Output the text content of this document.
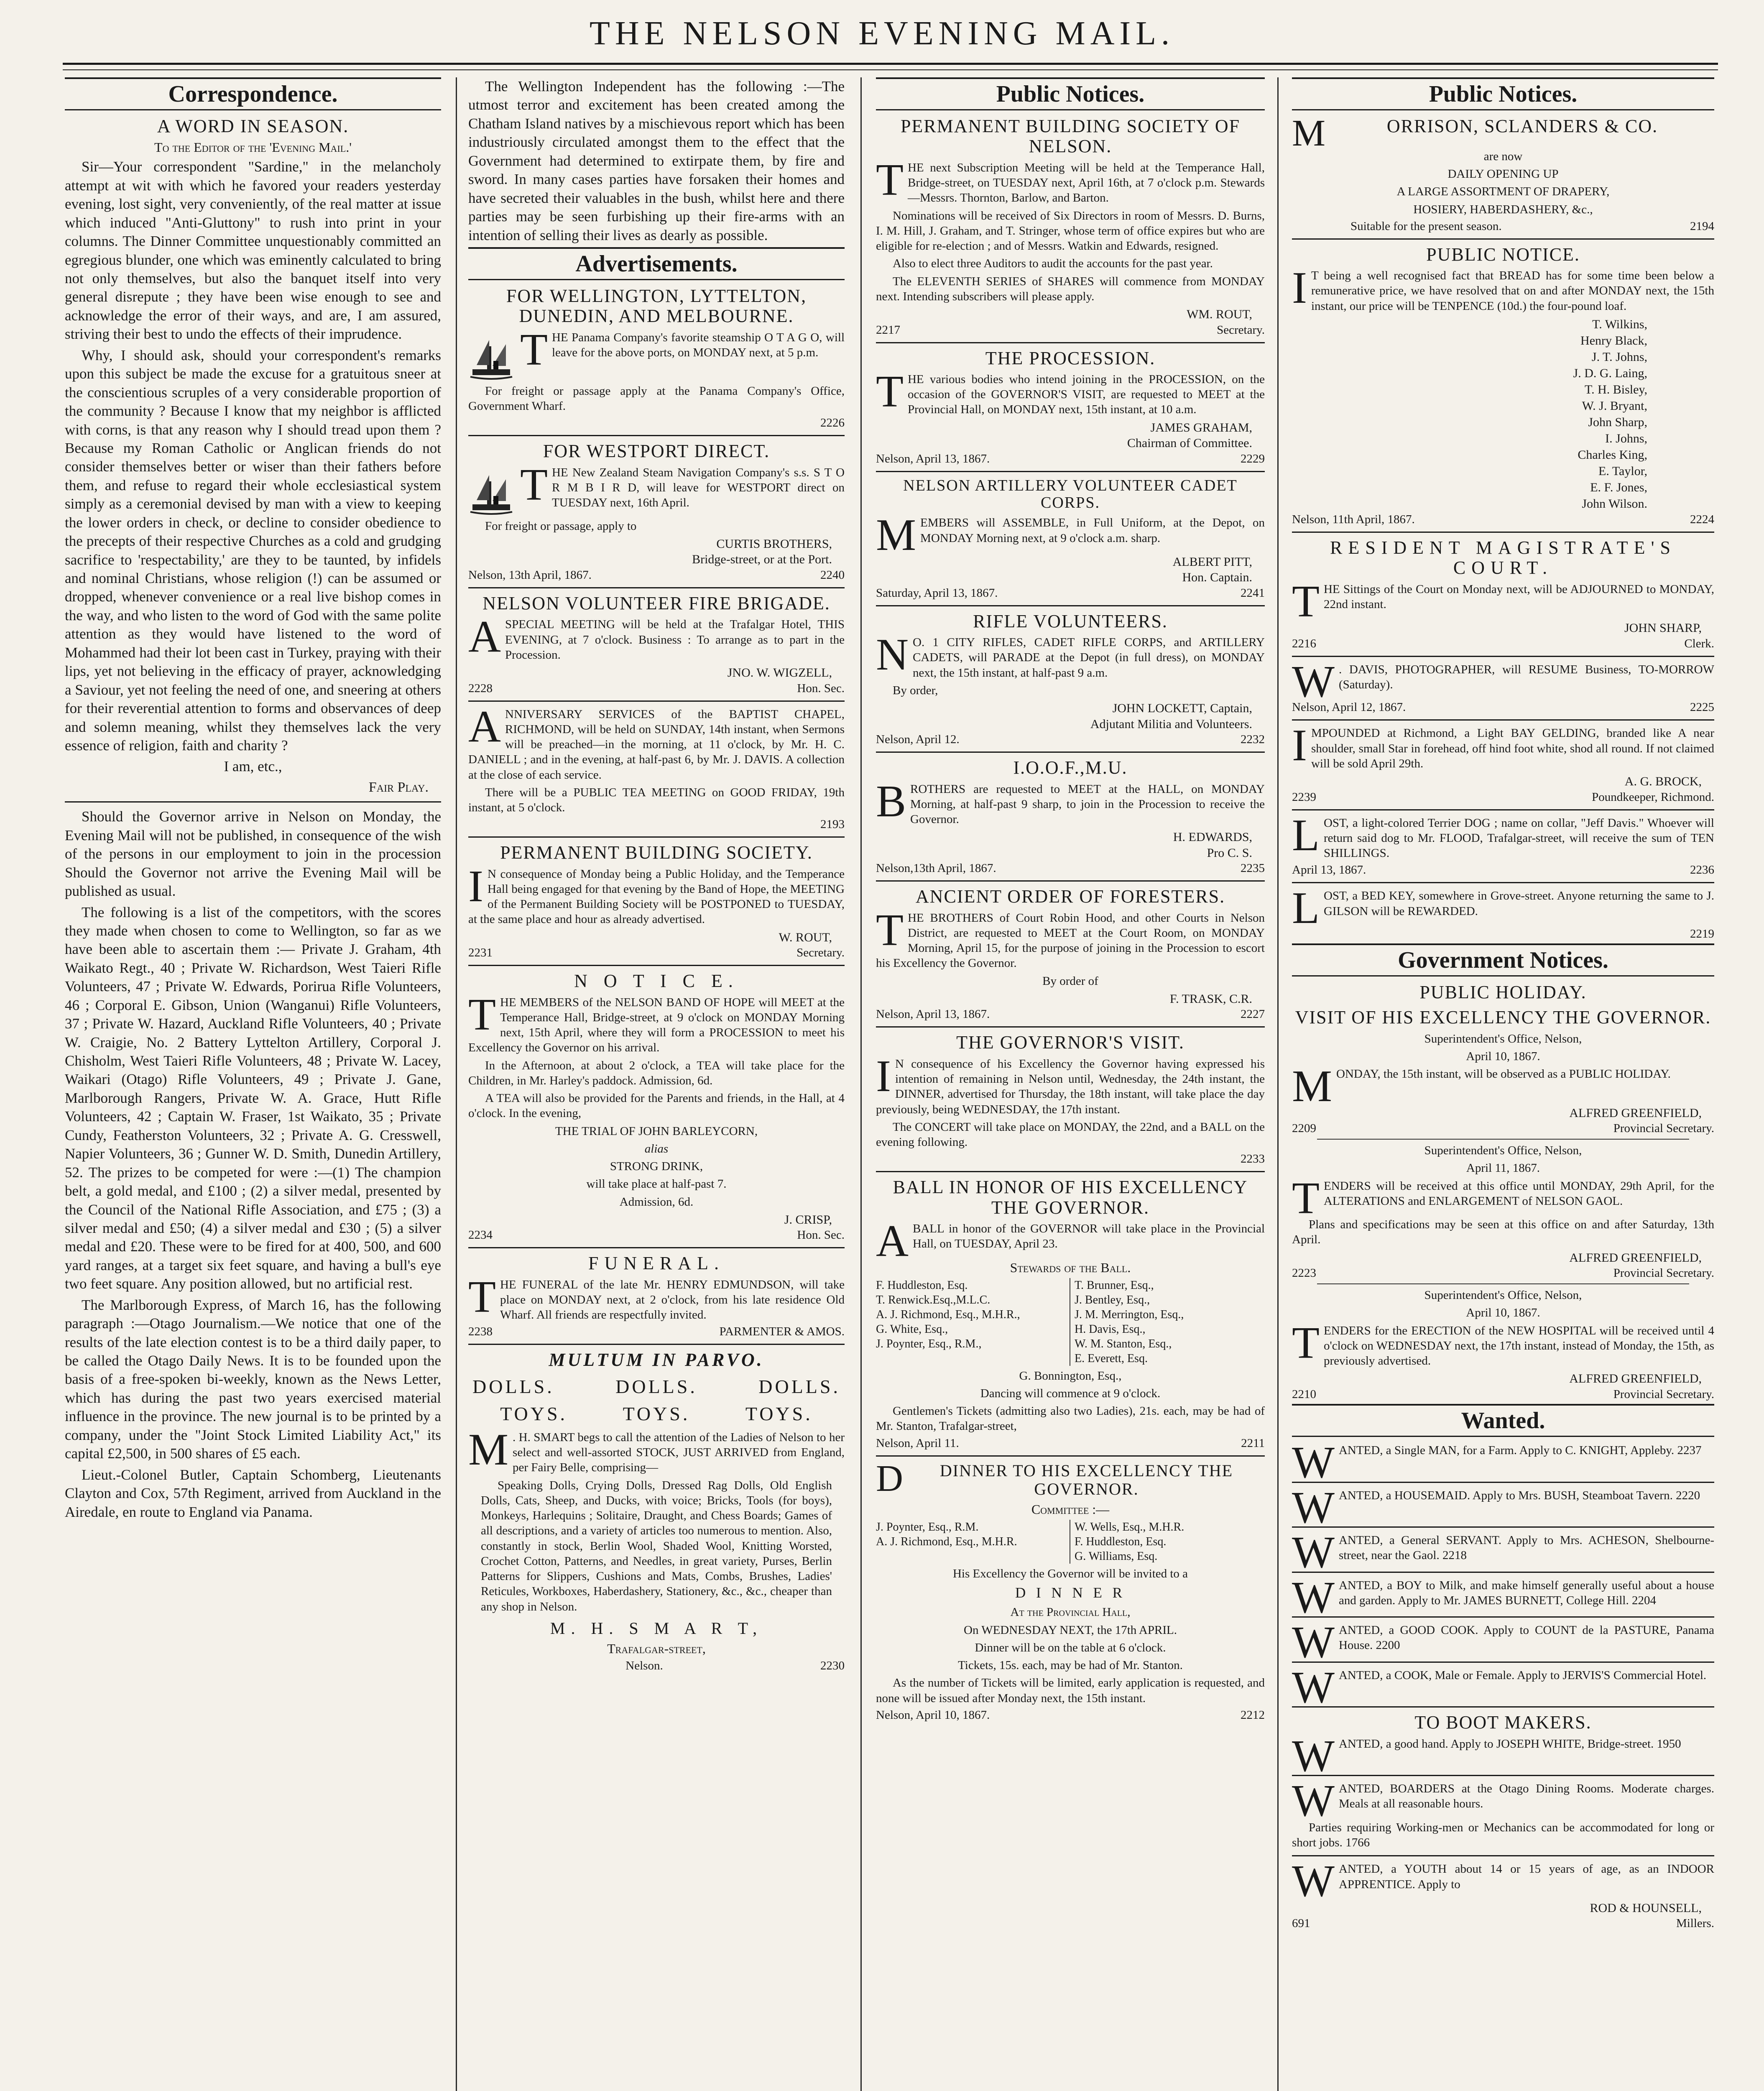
THE NELSON EVENING MAIL.
Correspondence.
A WORD IN SEASON.
To the Editor of the 'Evening Mail.'

Sir—Your correspondent "Sardine," in the melancholy attempt at wit with which he favored your readers yesterday evening, lost sight, very conveniently, of the real matter at issue which induced "Anti-Gluttony" to rush into print in your columns. The Dinner Committee unquestionably committed an egregious blunder, one which was eminently calculated to bring not only themselves, but also the banquet itself into very general disrepute ; they have been wise enough to see and acknowledge the error of their ways, and are, I am assured, striving their best to undo the effects of their imprudence.

Why, I should ask, should your correspondent's remarks upon this subject be made the excuse for a gratuitous sneer at the conscientious scruples of a very considerable proportion of the community ? Because I know that my neighbor is afflicted with corns, is that any reason why I should tread upon them ? Because my Roman Catholic or Anglican friends do not consider themselves better or wiser than their fathers before them, and refuse to regard their whole ecclesiastical system simply as a ceremonial devised by man with a view to keeping the lower orders in check, or decline to consider obedience to the precepts of their respective Churches as a cold and grudging sacrifice to 'respectability,' are they to be taunted, by infidels and nominal Christians, whose religion (!) can be assumed or dropped, whenever convenience or a real live bishop comes in the way, and who listen to the word of God with the same polite attention as they would have listened to the word of Mohammed had their lot been cast in Turkey, praying with their lips, yet not believing in the efficacy of prayer, acknowledging a Saviour, yet not feeling the need of one, and sneering at others for their reverential attention to forms and observances of deep and solemn meaning, whilst they themselves lack the very essence of religion, faith and charity ?

I am, etc.,

Fair Play.

Should the Governor arrive in Nelson on Monday, the Evening Mail will not be published, in consequence of the wish of the persons in our employment to join in the procession Should the Governor not arrive the Evening Mail will be published as usual.

The following is a list of the competitors, with the scores they made when chosen to come to Wellington, so far as we have been able to ascertain them :— Private J. Graham, 4th Waikato Regt., 40 ; Private W. Richardson, West Taieri Rifle Volunteers, 47 ; Private W. Edwards, Porirua Rifle Volunteers, 46 ; Corporal E. Gibson, Union (Wanganui) Rifle Volunteers, 37 ; Private W. Hazard, Auckland Rifle Volunteers, 40 ; Private W. Craigie, No. 2 Battery Lyttelton Artillery, Corporal J. Chisholm, West Taieri Rifle Volunteers, 48 ; Private W. Lacey, Waikari (Otago) Rifle Volunteers, 49 ; Private J. Gane, Marlborough Rangers, Private W. A. Grace, Hutt Rifle Volunteers, 42 ; Captain W. Fraser, 1st Waikato, 35 ; Private Cundy, Featherston Volunteers, 32 ; Private A. G. Cresswell, Napier Volunteers, 36 ; Gunner W. D. Smith, Dunedin Artillery, 52. The prizes to be competed for were :—(1) The champion belt, a gold medal, and £100 ; (2) a silver medal, presented by the Council of the National Rifle Association, and £75 ; (3) a silver medal and £50; (4) a silver medal and £30 ; (5) a silver medal and £20. These were to be fired for at 400, 500, and 600 yard ranges, at a target six feet square, and having a bull's eye two feet square. Any position allowed, but no artificial rest.

The Marlborough Express, of March 16, has the following paragraph :—Otago Journalism.—We notice that one of the results of the late election contest is to be a third daily paper, to be called the Otago Daily News. It is to be founded upon the basis of a free-spoken bi-weekly, known as the News Letter, which has during the past two years exercised material influence in the province. The new journal is to be printed by a company, under the "Joint Stock Limited Liability Act," its capital £2,500, in 500 shares of £5 each.

Lieut.-Colonel Butler, Captain Schomberg, Lieutenants Clayton and Cox, 57th Regiment, arrived from Auckland in the Airedale, en route to England via Panama.

The Wellington Independent has the following :—The utmost terror and excitement has been created among the Chatham Island natives by a mischievous report which has been industriously circulated amongst them to the effect that the Government had determined to extirpate them, by fire and sword. In many cases parties have forsaken their homes and have secreted their valuables in the bush, whilst here and there parties may be seen furbishing up their fire-arms with an intention of selling their lives as dearly as possible.

Advertisements.
FOR WELLINGTON, LYTTELTON, DUNEDIN, AND MELBOURNE.

THE Panama Company's favorite steamship O T A G O, will leave for the above ports, on MONDAY next, at 5 p.m.

For freight or passage apply at the Panama Company's Office, Government Wharf.

2226
FOR WESTPORT DIRECT.

THE New Zealand Steam Navigation Company's s.s. S T O R M B I R D, will leave for WESTPORT direct on TUESDAY next, 16th April.

For freight or passage, apply to

CURTIS BROTHERS,
Bridge-street, or at the Port.
Nelson, 13th April, 1867.	2240
NELSON VOLUNTEER FIRE BRIGADE.

ASPECIAL MEETING will be held at the Trafalgar Hotel, THIS EVENING, at 7 o'clock. Business : To arrange as to part in the Procession.

JNO. W. WIGZELL,
2228	Hon. Sec.

ANNIVERSARY SERVICES of the BAPTIST CHAPEL, RICHMOND, will be held on SUNDAY, 14th instant, when Sermons will be preached—in the morning, at 11 o'clock, by Mr. H. C. DANIELL ; and in the evening, at half-past 6, by Mr. J. DAVIS. A collection at the close of each service.

There will be a PUBLIC TEA MEETING on GOOD FRIDAY, 19th instant, at 5 o'clock.

2193
PERMANENT BUILDING SOCIETY.

I N consequence of Monday being a Public Holiday, and the Temperance Hall being engaged for that evening by the Band of Hope, the MEETING of the Permanent Building Society will be POSTPONED to TUESDAY, at the same place and hour as already advertised.

W. ROUT,
2231	Secretary.
N O T I C E.

THE MEMBERS of the NELSON BAND OF HOPE will MEET at the Temperance Hall, Bridge-street, at 9 o'clock on MONDAY Morning next, 15th April, where they will form a PROCESSION to meet his Excellency the Governor on his arrival.

In the Afternoon, at about 2 o'clock, a TEA will take place for the Children, in Mr. Harley's paddock. Admission, 6d.

A TEA will also be provided for the Parents and friends, in the Hall, at 4 o'clock. In the evening,

THE TRIAL OF JOHN BARLEYCORN,

alias

STRONG DRINK,

will take place at half-past 7.

Admission, 6d.

J. CRISP,
2234	Hon. Sec.
FUNERAL.

THE FUNERAL of the late Mr. HENRY EDMUNDSON, will take place on MONDAY next, at 2 o'clock, from his late residence Old Wharf. All friends are respectfully invited.

2238	PARMENTER & AMOS.
MULTUM IN PARVO.
DOLLS.	DOLLS.	DOLLS.
TOYS.	TOYS.	TOYS.

M . H. SMART begs to call the attention of the Ladies of Nelson to her select and well-assorted STOCK, JUST ARRIVED from England, per Fairy Belle, comprising—

Speaking Dolls, Crying Dolls, Dressed Rag Dolls, Old English Dolls, Cats, Sheep, and Ducks, with voice; Bricks, Tools (for boys), Monkeys, Harlequins ; Solitaire, Draught, and Chess Boards; Games of all descriptions, and a variety of articles too numerous to mention. Also, constantly in stock, Berlin Wool, Shaded Wool, Knitting Worsted, Crochet Cotton, Patterns, and Needles, in great variety, Purses, Berlin Patterns for Slippers, Cushions and Mats, Combs, Brushes, Ladies' Reticules, Workboxes, Haberdashery, Stationery, &c., &c., cheaper than any shop in Nelson.

M. H. S M A R T,
Trafalgar-street,
Nelson.	2230
Public Notices.
PERMANENT BUILDING SOCIETY OF NELSON.

THE next Subscription Meeting will be held at the Temperance Hall, Bridge-street, on TUESDAY next, April 16th, at 7 o'clock p.m. Stewards—Messrs. Thornton, Barlow, and Barton.

Nominations will be received of Six Directors in room of Messrs. D. Burns, I. M. Hill, J. Graham, and T. Stringer, whose term of office expires but who are eligible for re-election ; and of Messrs. Watkin and Edwards, resigned.

Also to elect three Auditors to audit the accounts for the past year.

The ELEVENTH SERIES of SHARES will commence from MONDAY next. Intending subscribers will please apply.

WM. ROUT,
2217	Secretary.
THE PROCESSION.

THE various bodies who intend joining in the PROCESSION, on the occasion of the GOVERNOR'S VISIT, are requested to MEET at the Provincial Hall, on MONDAY next, 15th instant, at 10 a.m.

JAMES GRAHAM,
Chairman of Committee.
Nelson, April 13, 1867.	2229
NELSON ARTILLERY VOLUNTEER CADET CORPS.

MEMBERS will ASSEMBLE, in Full Uniform, at the Depot, on MONDAY Morning next, at 9 o'clock a.m. sharp.

ALBERT PITT,
Hon. Captain.
Saturday, April 13, 1867.	2241
RIFLE VOLUNTEERS.

N O. 1 CITY RIFLES, CADET RIFLE CORPS, and ARTILLERY CADETS, will PARADE at the Depot (in full dress), on MONDAY next, the 15th instant, at half-past 9 a.m.

By order,

JOHN LOCKETT, Captain,
Adjutant Militia and Volunteers.
Nelson, April 12.	2232
I.O.O.F.,M.U.

BROTHERS are requested to MEET at the HALL, on MONDAY Morning, at half-past 9 sharp, to join in the Procession to receive the Governor.

H. EDWARDS,
Pro C. S.
Nelson,13th April, 1867.	2235
ANCIENT ORDER OF FORESTERS.

THE BROTHERS of Court Robin Hood, and other Courts in Nelson District, are requested to MEET at the Court Room, on MONDAY Morning, April 15, for the purpose of joining in the Procession to escort his Excellency the Governor.

By order of

F. TRASK, C.R.
Nelson, April 13, 1867.	2227
THE GOVERNOR'S VISIT.

I N consequence of his Excellency the Governor having expressed his intention of remaining in Nelson until, Wednesday, the 24th instant, the DINNER, advertised for Thursday, the 18th instant, will take place the day previously, being WEDNESDAY, the 17th instant.

The CONCERT will take place on MONDAY, the 22nd, and a BALL on the evening following.

2233
BALL IN HONOR OF HIS EXCELLENCY THE GOVERNOR.

ABALL in honor of the GOVERNOR will take place in the Provincial Hall, on TUESDAY, April 23.

Stewards of the Ball.
F. Huddleston, Esq.
T. Renwick.Esq.,M.L.C.
A. J. Richmond, Esq., M.H.R.,
G. White, Esq.,
J. Poynter, Esq., R.M.,
T. Brunner, Esq.,
J. Bentley, Esq.,
J. M. Merrington, Esq.,
H. Davis, Esq.,
W. M. Stanton, Esq.,
E. Everett, Esq.

G. Bonnington, Esq.,

Dancing will commence at 9 o'clock.

Gentlemen's Tickets (admitting also two Ladies), 21s. each, may be had of Mr. Stanton, Trafalgar-street,

Nelson, April 11.	2211
D DINNER TO HIS EXCELLENCY THE GOVERNOR.
Committee :—
J. Poynter, Esq., R.M.
A. J. Richmond, Esq., M.H.R.
W. Wells, Esq., M.H.R.
F. Huddleston, Esq.
G. Williams, Esq.

His Excellency the Governor will be invited to a

D I N N E R

At the Provincial Hall,

On WEDNESDAY NEXT, the 17th APRIL.

Dinner will be on the table at 6 o'clock.

Tickets, 15s. each, may be had of Mr. Stanton.

As the number of Tickets will be limited, early application is requested, and none will be issued after Monday next, the 15th instant.

Nelson, April 10, 1867.	2212
Public Notices.
M	ORRISON, SCLANDERS & CO.

are now

DAILY OPENING UP

A LARGE ASSORTMENT OF DRAPERY,

HOSIERY, HABERDASHERY, &c.,

Suitable for the present season.	2194
PUBLIC NOTICE.

I T being a well recognised fact that BREAD has for some time been below a remunerative price, we have resolved that on and after MONDAY next, the 15th instant, our price will be TENPENCE (10d.) the four-pound loaf.

T. Wilkins,
Henry Black,
J. T. Johns,
J. D. G. Laing,
T. H. Bisley,
W. J. Bryant,
John Sharp,
I. Johns,
Charles King,
E. Taylor,
E. F. Jones,
John Wilson.
Nelson, 11th April, 1867.	2224
RESIDENT MAGISTRATE'S COURT.

THE Sittings of the Court on Monday next, will be ADJOURNED to MONDAY, 22nd instant.

JOHN SHARP,
2216	Clerk.

W . DAVIS, PHOTOGRAPHER, will RESUME Business, TO-MORROW (Saturday).

Nelson, April 12, 1867.	2225

IMPOUNDED at Richmond, a Light BAY GELDING, branded like A near shoulder, small Star in forehead, off hind foot white, shod all round. If not claimed will be sold April 29th.

A. G. BROCK,
2239	Poundkeeper, Richmond.

LOST, a light-colored Terrier DOG ; name on collar, "Jeff Davis." Whoever will return said dog to Mr. FLOOD, Trafalgar-street, will receive the sum of TEN SHILLINGS.

April 13, 1867.	2236

LOST, a BED KEY, somewhere in Grove-street. Anyone returning the same to J. GILSON will be REWARDED.

2219
Government Notices.
PUBLIC HOLIDAY.
VISIT OF HIS EXCELLENCY THE GOVERNOR.

Superintendent's Office, Nelson,

April 10, 1867.

MONDAY, the 15th instant, will be observed as a PUBLIC HOLIDAY.

ALFRED GREENFIELD,
2209	Provincial Secretary.

Superintendent's Office, Nelson,

April 11, 1867.

TENDERS will be received at this office until MONDAY, 29th April, for the ALTERATIONS and ENLARGEMENT of NELSON GAOL.

Plans and specifications may be seen at this office on and after Saturday, 13th April.

ALFRED GREENFIELD,
2223	Provincial Secretary.

Superintendent's Office, Nelson,

April 10, 1867.

TENDERS for the ERECTION of the NEW HOSPITAL will be received until 4 o'clock on WEDNESDAY next, the 17th instant, instead of Monday, the 15th, as previously advertised.

ALFRED GREENFIELD,
2210	Provincial Secretary.
Wanted.

WANTED, a Single MAN, for a Farm. Apply to C. KNIGHT, Appleby. 2237

WANTED, a HOUSEMAID. Apply to Mrs. BUSH, Steamboat Tavern. 2220

WANTED, a General SERVANT. Apply to Mrs. ACHESON, Shelbourne-street, near the Gaol. 2218

WANTED, a BOY to Milk, and make himself generally useful about a house and garden. Apply to Mr. JAMES BURNETT, College Hill. 2204

WANTED, a GOOD COOK. Apply to COUNT de la PASTURE, Panama House. 2200

WANTED, a COOK, Male or Female. Apply to JERVIS'S Commercial Hotel.

TO BOOT MAKERS.

WANTED, a good hand. Apply to JOSEPH WHITE, Bridge-street. 1950

WANTED, BOARDERS at the Otago Dining Rooms. Moderate charges. Meals at all reasonable hours.

Parties requiring Working-men or Mechanics can be accommodated for long or short jobs. 1766

WANTED, a YOUTH about 14 or 15 years of age, as an INDOOR APPRENTICE. Apply to

ROD & HOUNSELL,
691	Millers.
